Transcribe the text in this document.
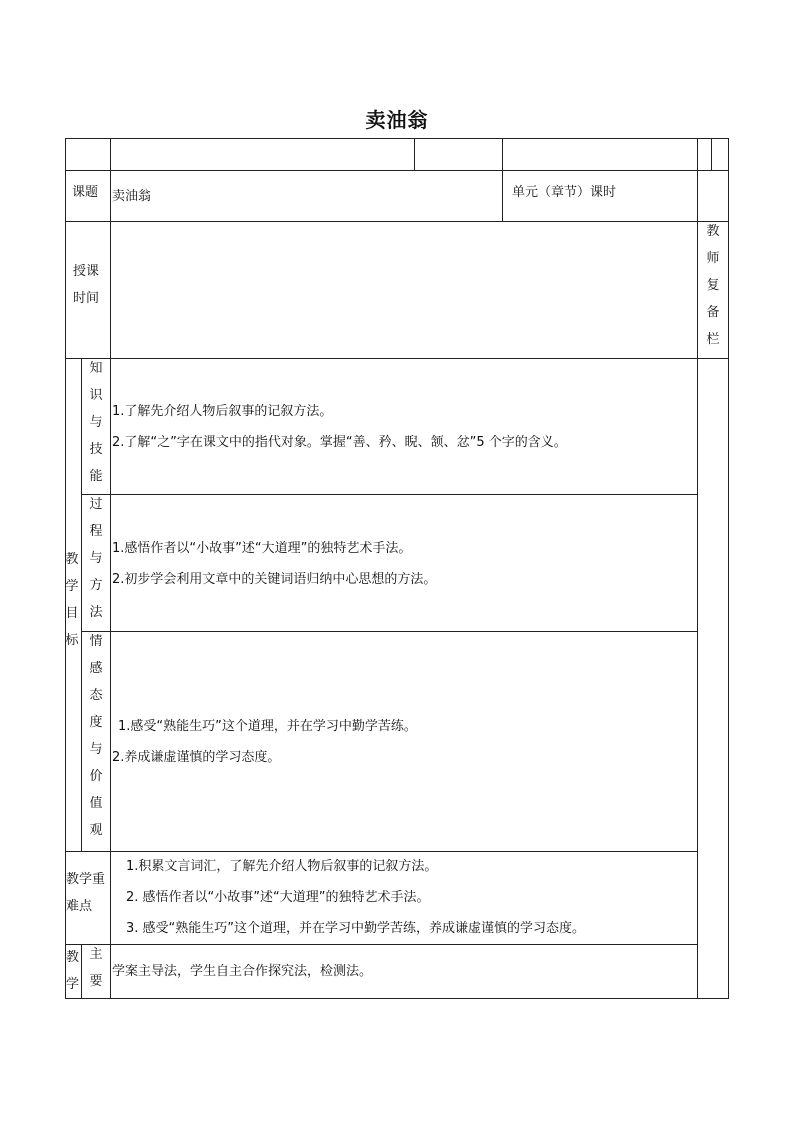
卖油翁
课题 卖油翁	单元（章节）课时
授课
时间
教
师
复
备
栏
教
学
目
标
知
识
与
技
能
1.了解先介绍人物后叙事的记叙方法。
2.了解“之”字在课文中的指代对象。掌握“善、矜、睨、颔、忿”5 个字的含义。
过
程
与
方
法
1.感悟作者以“小故事”述“大道理”的独特艺术手法。
2.初步学会利用文章中的关键词语归纳中心思想的方法。
情
感
态
度
与
价
值
观
1.感受“熟能生巧”这个道理，并在学习中勤学苦练。
2.养成谦虚谨慎的学习态度。
教学重
难点
1.积累文言词汇，了解先介绍人物后叙事的记叙方法。
2. 感悟作者以“小故事”述“大道理”的独特艺术手法。
3. 感受“熟能生巧”这个道理，并在学习中勤学苦练，养成谦虚谨慎的学习态度。
教
学
主
要
学案主导法，学生自主合作探究法，检测法。
